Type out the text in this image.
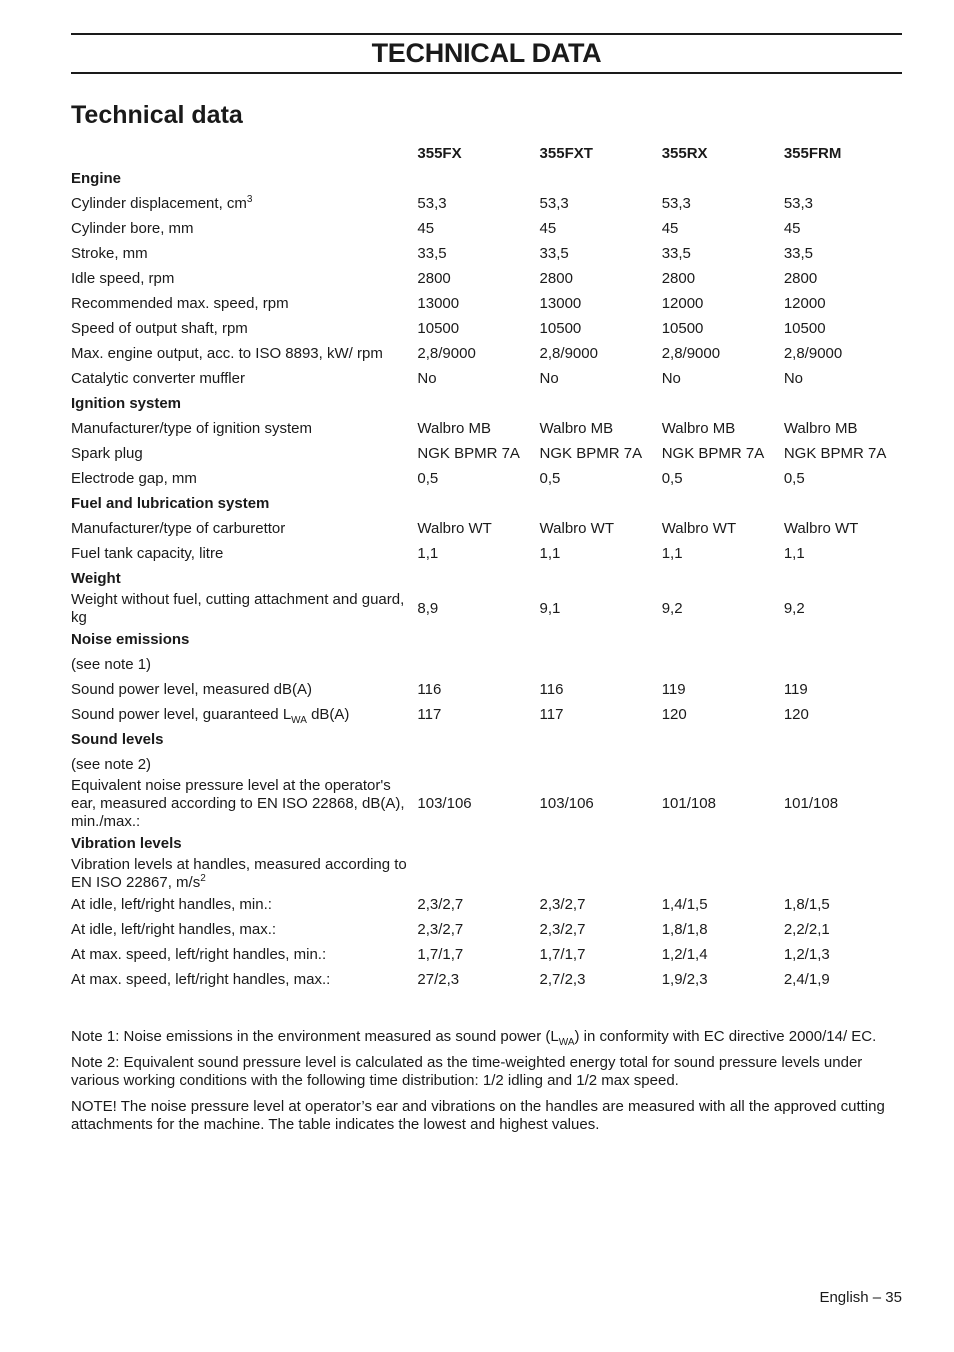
TECHNICAL DATA
Technical data
	355FX	355FXT	355RX	355FRM
Engine				
Cylinder displacement, $cm^3$	53,3	53,3	53,3	53,3
Cylinder bore, mm	45	45	45	45
Stroke, mm	33,5	33,5	33,5	33,5
Idle speed, rpm	2800	2800	2800	2800
Recommended max. speed, rpm	13000	13000	12000	12000
Speed of output shaft, rpm	10500	10500	10500	10500
Max. engine output, acc. to ISO 8893, kW/ rpm	2,8/9000	2,8/9000	2,8/9000	2,8/9000
Catalytic converter muffler	No	No	No	No
Ignition system				
Manufacturer/type of ignition system	Walbro MB	Walbro MB	Walbro MB	Walbro MB
Spark plug	NGK BPMR 7A	NGK BPMR 7A	NGK BPMR 7A	NGK BPMR 7A
Electrode gap, mm	0,5	0,5	0,5	0,5
Fuel and lubrication system				
Manufacturer/type of carburettor	Walbro WT	Walbro WT	Walbro WT	Walbro WT
Fuel tank capacity, litre	1,1	1,1	1,1	1,1
Weight				
Weight without fuel, cutting attachment and guard, kg	8,9	9,1	9,2	9,2
Noise emissions				
(see note 1)				
Sound power level, measured dB(A)	116	116	119	119
Sound power level, guaranteed $L_{WA}$ dB(A)	117	117	120	120
Sound levels				
(see note 2)				
Equivalent noise pressure level at the operator's ear, measured according to EN ISO 22868, dB(A), min./max.:	103/106	103/106	101/108	101/108
Vibration levels				
Vibration levels at handles, measured according to EN ISO 22867, $m/s^2$				
At idle, left/right handles, min.:	2,3/2,7	2,3/2,7	1,4/1,5	1,8/1,5
At idle, left/right handles, max.:	2,3/2,7	2,3/2,7	1,8/1,8	2,2/2,1
At max. speed, left/right handles, min.:	1,7/1,7	1,7/1,7	1,2/1,4	1,2/1,3
At max. speed, left/right handles, max.:	27/2,3	2,7/2,3	1,9/2,3	2,4/1,9

Note 1: Noise emissions in the environment measured as sound power $(L_{WA})$ in conformity with EC directive 2000/14/ EC.

Note 2: Equivalent sound pressure level is calculated as the time-weighted energy total for sound pressure levels under various working conditions with the following time distribution: 1/2 idling and 1/2 max speed.

NOTE! The noise pressure level at operator’s ear and vibrations on the handles are measured with all the approved cutting attachments for the machine. The table indicates the lowest and highest values.

English – 35
